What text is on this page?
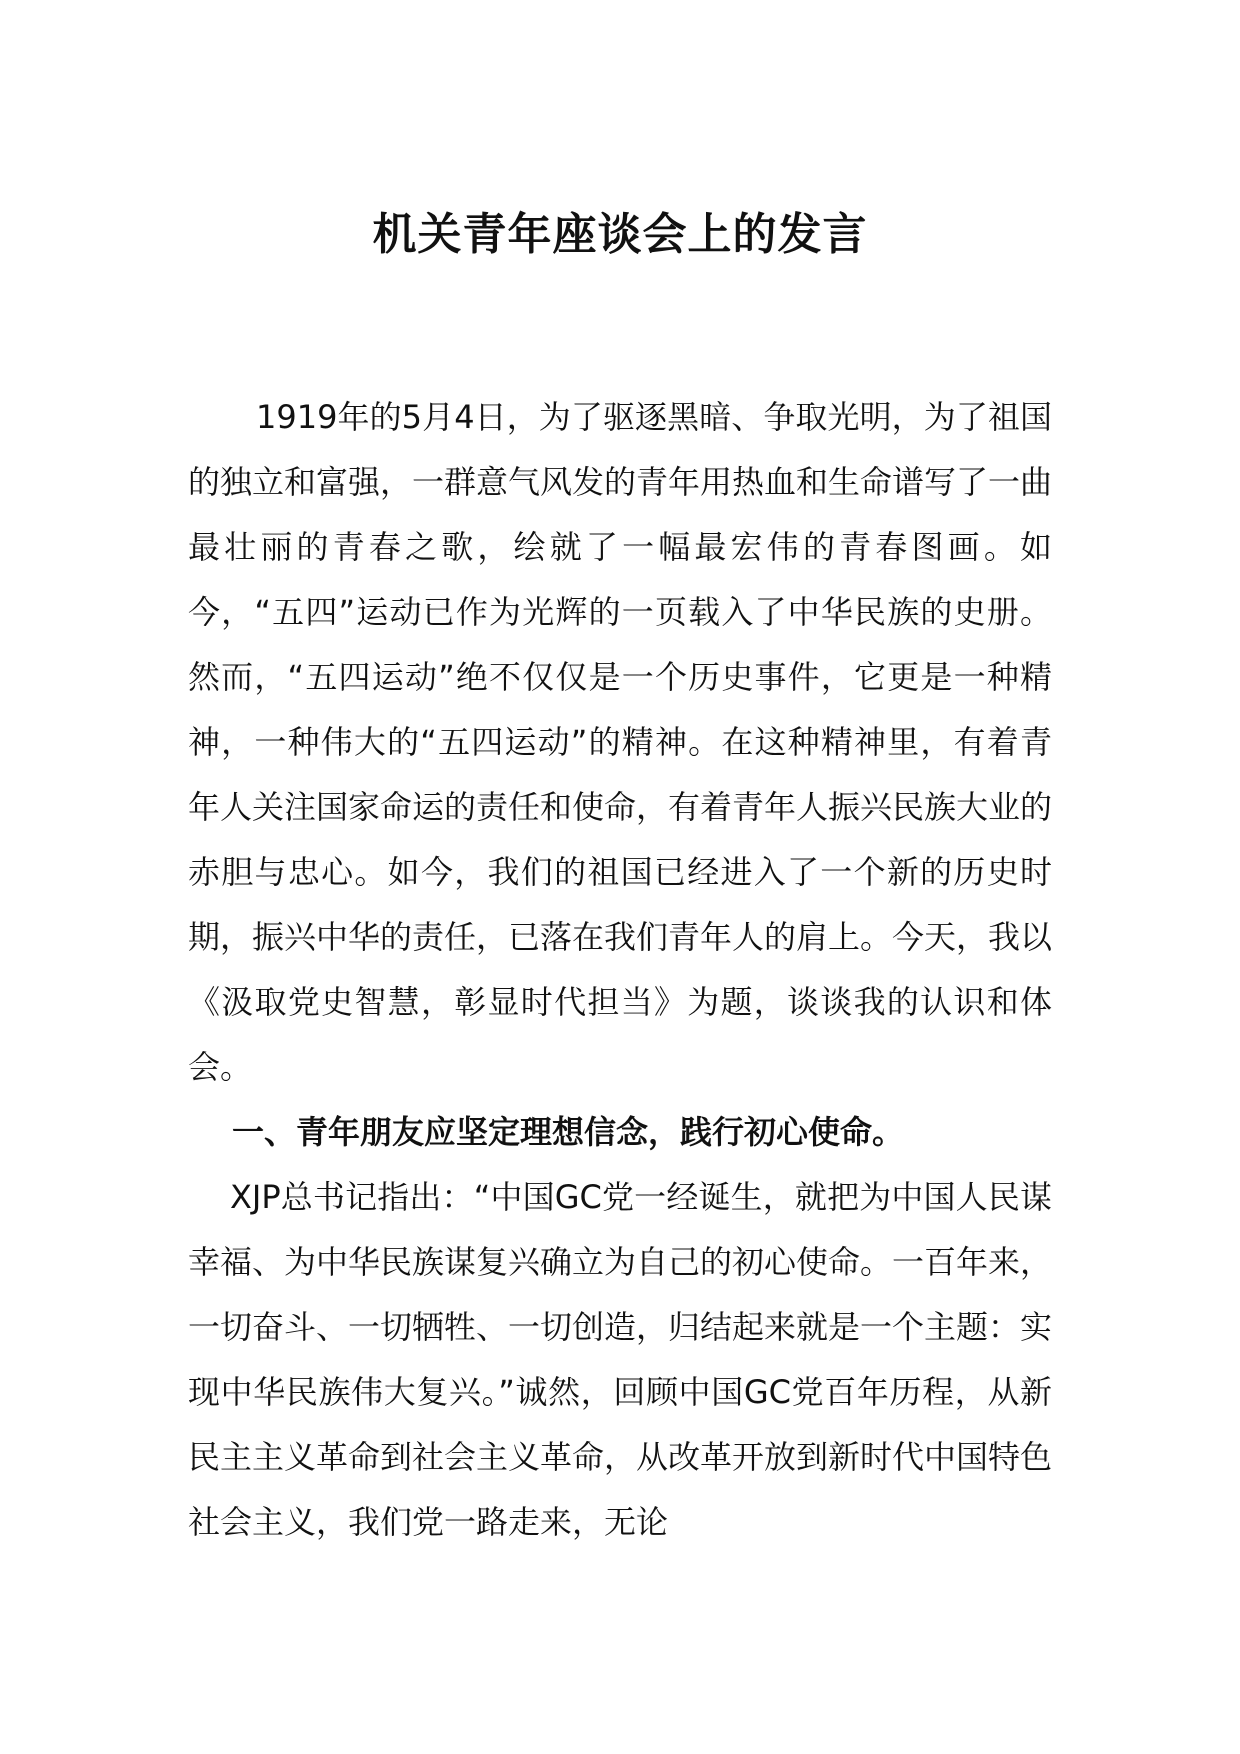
机关青年座谈会上的发言

1919年的5月4日，为了驱逐黑暗、争取光明，为了祖国的独立和富强，一群意气风发的青年用热血和生命谱写了一曲最壮丽的青春之歌，绘就了一幅最宏伟的青春图画。如今，“五四”运动已作为光辉的一页载入了中华民族的史册。然而，“五四运动”绝不仅仅是一个历史事件，它更是一种精神，一种伟大的“五四运动”的精神。在这种精神里，有着青年人关注国家命运的责任和使命，有着青年人振兴民族大业的赤胆与忠心。如今，我们的祖国已经进入了一个新的历史时期，振兴中华的责任，已落在我们青年人的肩上。今天，我以《汲取党史智慧，彰显时代担当》为题，谈谈我的认识和体会。

一、青年朋友应坚定理想信念，践行初心使命。

XJP总书记指出：“中国GC党一经诞生，就把为中国人民谋幸福、为中华民族谋复兴确立为自己的初心使命。一百年来，一切奋斗、一切牺牲、一切创造，归结起来就是一个主题：实现中华民族伟大复兴。”诚然，回顾中国GC党百年历程，从新民主主义革命到社会主义革命，从改革开放到新时代中国特色社会主义，我们党一路走来，无论
